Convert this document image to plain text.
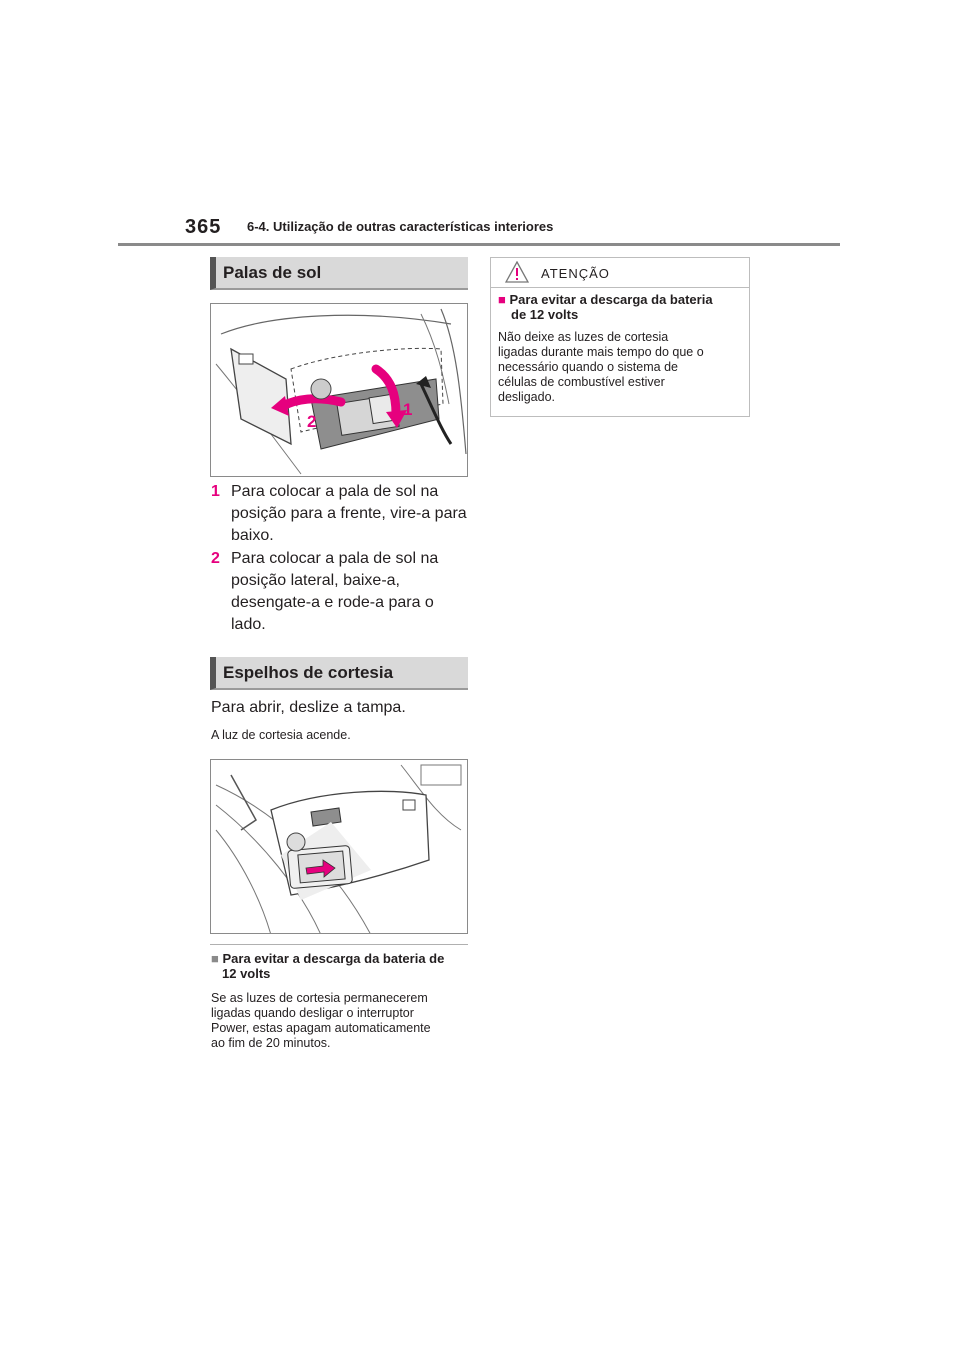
365 6-4. Utilização de outras características interiores
Palas de sol
2
1
1 Para colocar a pala de sol na posição para a frente, vire-a para baixo.
2 Para colocar a pala de sol na posição lateral, baixe-a, desengate-a e rode-a para o lado.
Espelhos de cortesia
Para abrir, deslize a tampa.
A luz de cortesia acende.
■ Para evitar a descarga da bateria de
12 volts
Se as luzes de cortesia permanecerem
ligadas quando desligar o interruptor
Power, estas apagam automaticamente
ao fim de 20 minutos.
ATENÇÃO
■ Para evitar a descarga da bateria
de 12 volts
Não deixe as luzes de cortesia
ligadas durante mais tempo do que o
necessário quando o sistema de
células de combustível estiver
desligado.
